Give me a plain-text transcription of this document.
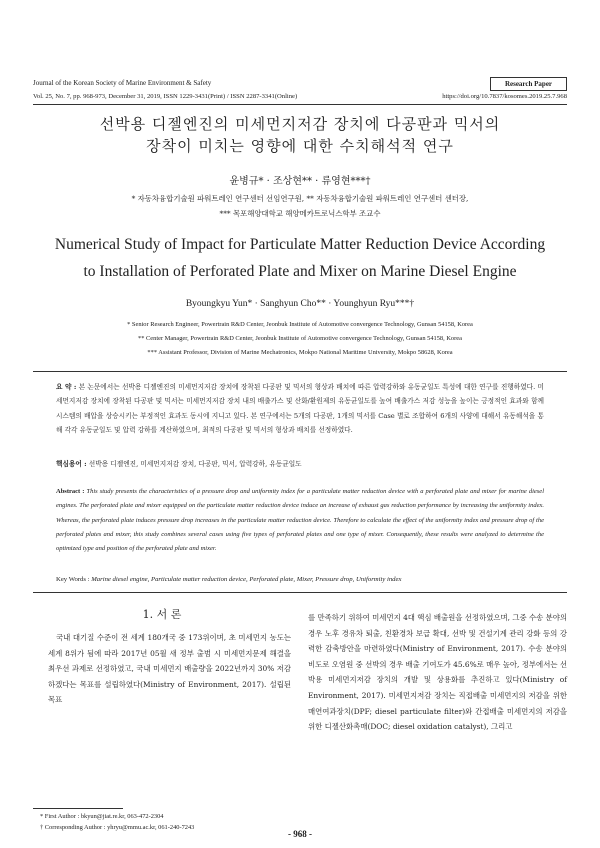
Research Paper
Journal of the Korean Society of Marine Environment & Safety
Vol. 25, No. 7, pp. 968-973, December 31, 2019, ISSN 1229-3431(Print) / ISSN 2287-3341(Online)	https://doi.org/10.7837/kosomes.2019.25.7.968
선박용 디젤엔진의 미세먼지저감 장치에 다공판과 믹서의
장착이 미치는 영향에 대한 수치해석적 연구
윤병규* · 조상현** · 류영현***†
* 자동차융합기술원 파워트레인 연구센터 선임연구원, ** 자동차융합기술원 파워트레인 연구센터 센터장,
*** 목포해양대학교 해양메카트로닉스학부 조교수
Numerical Study of Impact for Particulate Matter Reduction Device According
to Installation of Perforated Plate and Mixer on Marine Diesel Engine
Byoungkyu Yun* · Sanghyun Cho** · Younghyun Ryu***†
* Senior Research Engineer, Powertrain R&D Center, Jeonbuk Institute of Automotive convergence Technology, Gunsan 54158, Korea
** Center Manager, Powertrain R&D Center, Jeonbuk Institute of Automotive convergence Technology, Gunsan 54158, Korea
*** Assistant Professor, Division of Marine Mechatronics, Mokpo National Maritime University, Mokpo 58628, Korea
요 약 : 본 논문에서는 선박용 디젤엔진의 미세먼지저감 장치에 장착된 다공판 및 믹서의 형상과 배치에 따른 압력강하와 유동균일도 특성에 대한 연구를 진행하였다. 미세먼지저감 장치에 장착된 다공판 및 믹서는 미세먼지저감 장치 내의 배출가스 및 산화/환원제의 유동균일도를 높여 배출가스 저감 성능을 높이는 긍정적인 효과와 함께 시스템의 배압을 상승시키는 부정적인 효과도 동시에 지니고 있다. 본 연구에서는 5개의 다공판, 1개의 믹서를 Case 별로 조합하여 6개의 사양에 대해서 유동해석을 통해 각각 유동균일도 및 압력 강하를 계산하였으며, 최적의 다공판 및 믹서의 형상과 배치를 선정하였다.
핵심용어 : 선박용 디젤엔진, 미세먼지저감 장치, 다공판, 믹서, 압력강하, 유동균일도
Abstract : This study presents the characteristics of a pressure drop and uniformity index for a particulate matter reduction device with a perforated plate and mixer for marine diesel engines. The perforated plate and mixer equipped on the particulate matter reduction device induce an increase of exhaust gas reduction performance by increasing the uniformity index. Whereas, the perforated plate induces pressure drop increases in the particulate matter reduction device. Therefore to calculate the effect of the uniformity index and pressure drop of the perforated plates and mixer, this study combines several cases using five types of perforated plates and one type of mixer. Consequently, these results were analyzed to determine the optimized type and position of the perforated plate and mixer.
Key Words : Marine diesel engine, Particulate matter reduction device, Perforated plate, Mixer, Pressure drop, Uniformity index
1. 서 론
국내 대기질 수준이 전 세계 180개국 중 173위이며, 초 미세먼지 농도는 세계 8위가 됨에 따라 2017년 05월 새 정부 출범 시 미세먼지문제 해결을 최우선 과제로 선정하였고, 국내 미세먼지 배출량을 2022년까지 30% 저감하겠다는 목표를 설립하였다(Ministry of Environment, 2017). 설립된 목표
를 만족하기 위하여 미세먼지 4대 핵심 배출원을 선정하였으며, 그중 수송 분야의 경우 노후 경유차 퇴출, 친환경차 보급 확대, 선박 및 건설기계 관리 강화 등의 강력한 감축방안을 마련하였다(Ministry of Environment, 2017). 수송 분야의 비도로 오염원 중 선박의 경우 배출 기여도가 45.6%로 매우 높아, 정부에서는 선박용 미세먼지저감 장치의 개발 및 상용화를 추진하고 있다(Ministry of Environment, 2017). 미세먼지저감 장치는 직접배출 미세먼지의 저감을 위한 매연여과장치(DPF; diesel particulate filter)와 간접배출 미세먼지의 저감을 위한 디젤산화촉매(DOC; diesel oxidation catalyst), 그리고
* First Author : bkyun@jiat.re.kr, 063-472-2304
† Corresponding Author : yhryu@mmu.ac.kr, 061-240-7243
- 968 -
